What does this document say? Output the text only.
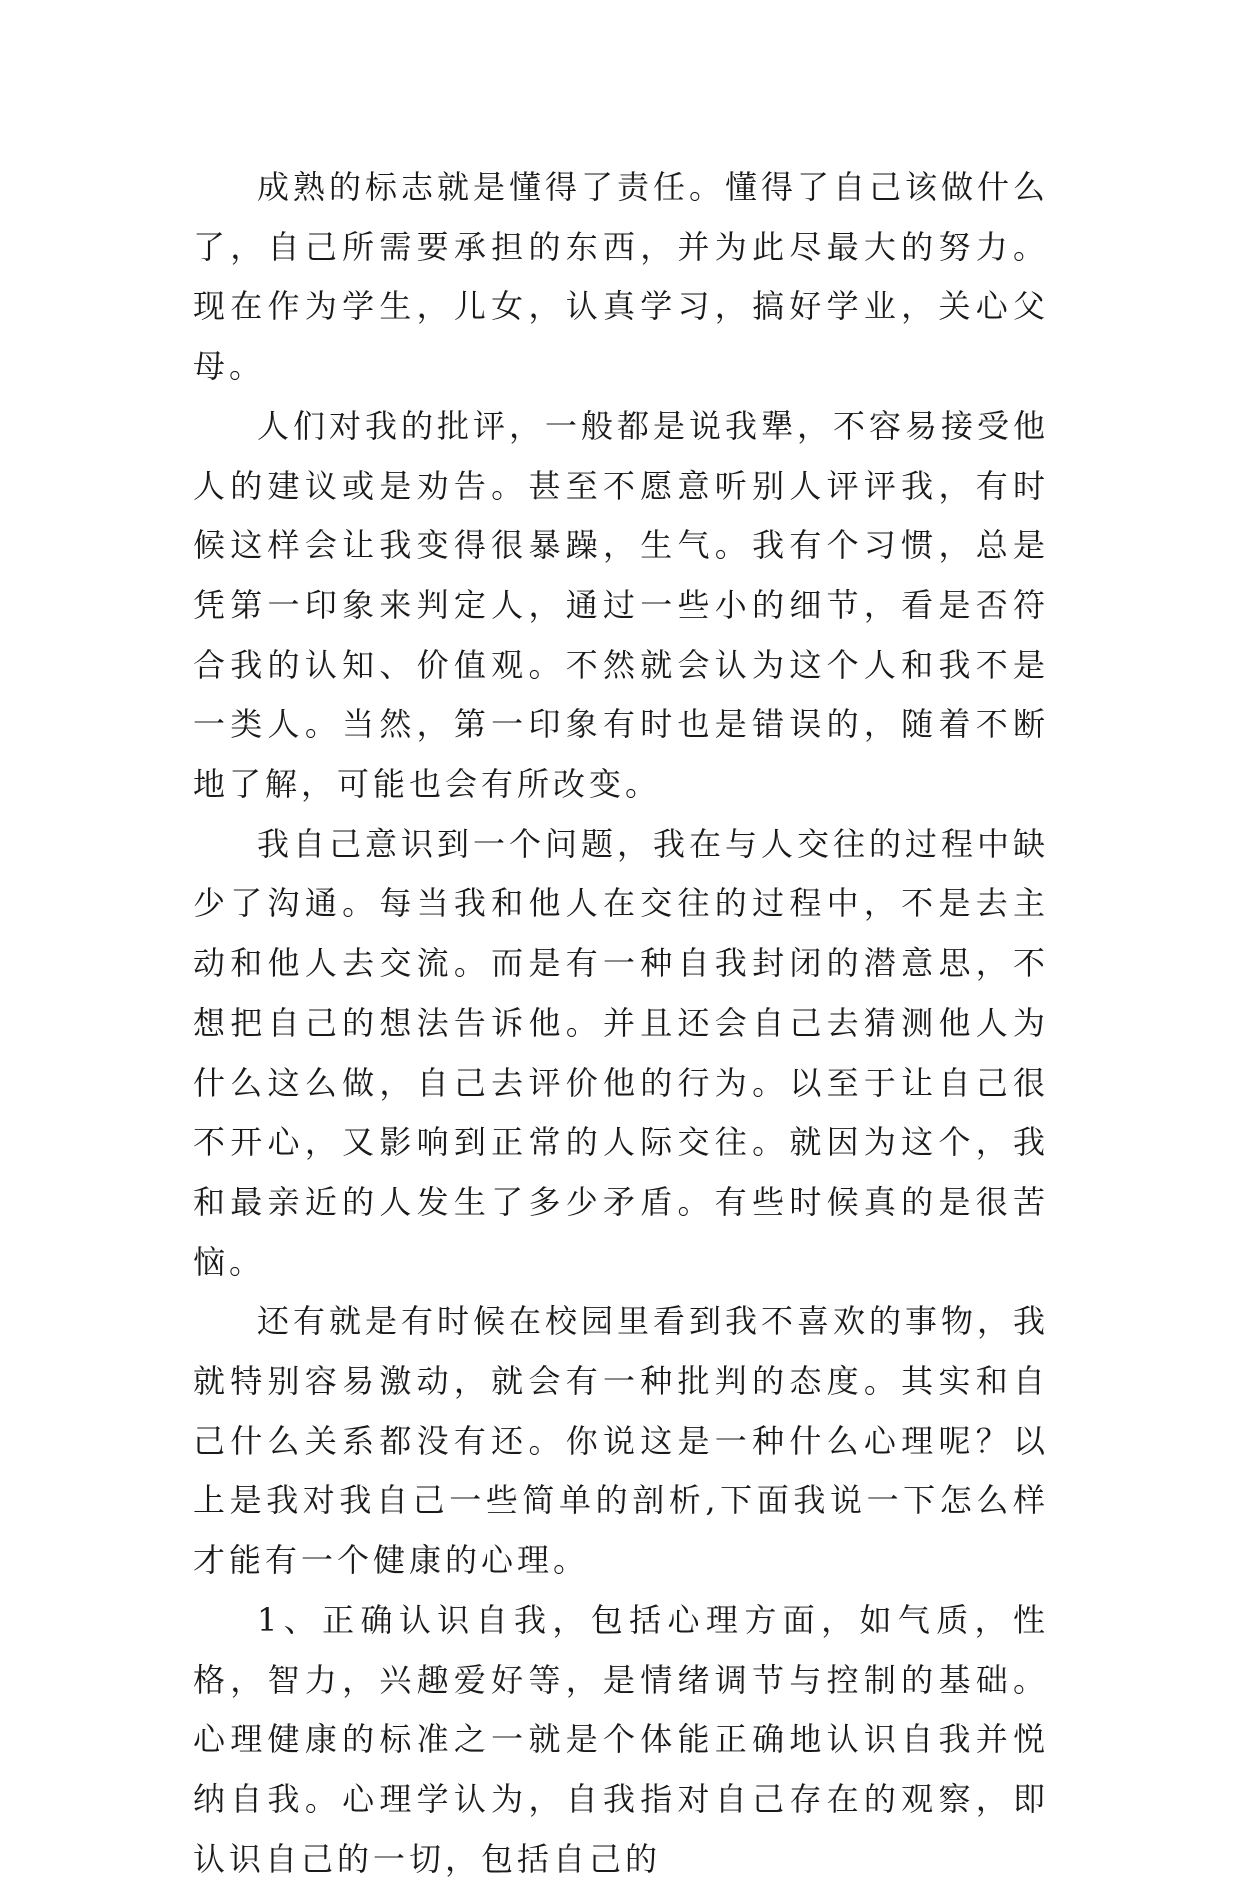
成熟的标志就是懂得了责任。懂得了自己该做什么了，自己所需要承担的东西，并为此尽最大的努力。现在作为学生，儿女，认真学习，搞好学业，关心父母。

人们对我的批评，一般都是说我犟，不容易接受他人的建议或是劝告。甚至不愿意听别人评评我，有时候这样会让我变得很暴躁，生气。我有个习惯，总是凭第一印象来判定人，通过一些小的细节，看是否符合我的认知、价值观。不然就会认为这个人和我不是一类人。当然，第一印象有时也是错误的，随着不断地了解，可能也会有所改变。

我自己意识到一个问题，我在与人交往的过程中缺少了沟通。每当我和他人在交往的过程中，不是去主动和他人去交流。而是有一种自我封闭的潜意思，不想把自己的想法告诉他。并且还会自己去猜测他人为什么这么做，自己去评价他的行为。以至于让自己很不开心，又影响到正常的人际交往。就因为这个，我和最亲近的人发生了多少矛盾。有些时候真的是很苦恼。

还有就是有时候在校园里看到我不喜欢的事物，我就特别容易激动，就会有一种批判的态度。其实和自己什么关系都没有还。你说这是一种什么心理呢？以上是我对我自己一些简单的剖析,下面我说一下怎么样才能有一个健康的心理。

1、正确认识自我，包括心理方面，如气质，性格，智力，兴趣爱好等，是情绪调节与控制的基础。心理健康的标准之一就是个体能正确地认识自我并悦纳自我。心理学认为，自我指对自己存在的观察，即认识自己的一切，包括自己的
